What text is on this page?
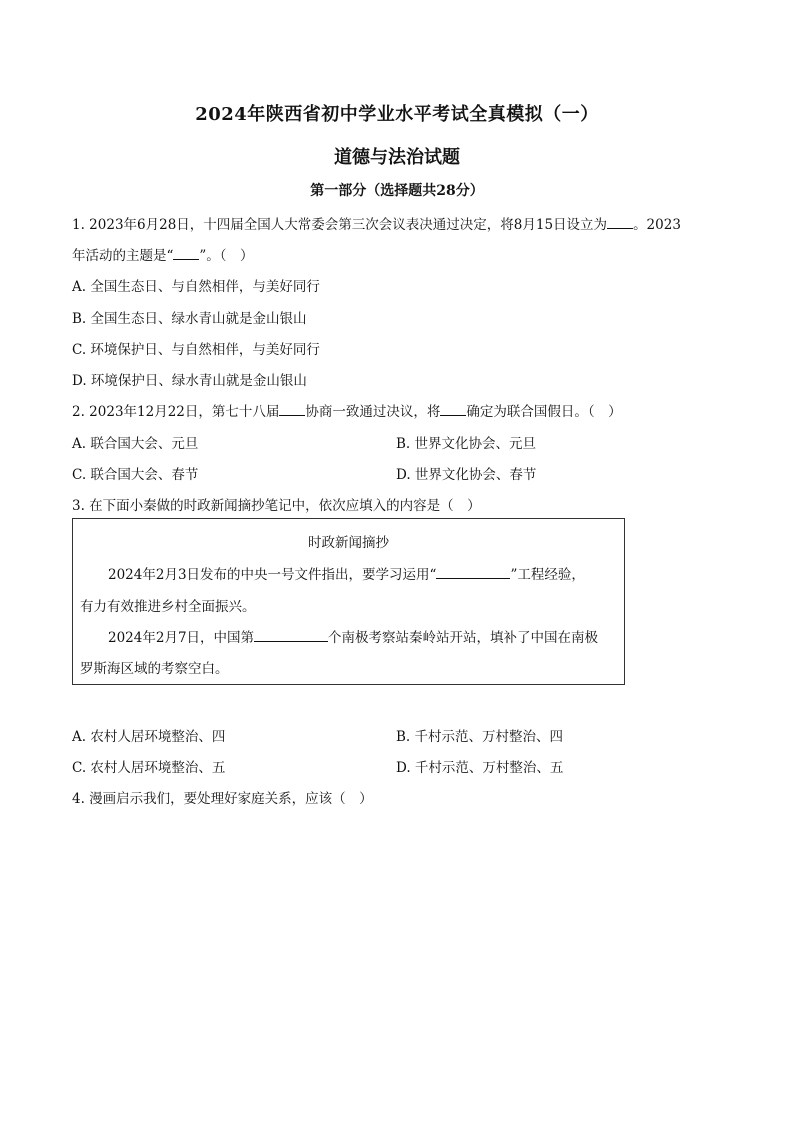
2024年陕西省初中学业水平考试全真模拟（一）
道德与法治试题
第一部分（选择题共28分）
1. 2023年6月28日，十四届全国人大常委会第三次会议表决通过决定，将8月15日设立为 。2023
年活动的主题是“ ”。（　）
A. 全国生态日、与自然相伴，与美好同行
B. 全国生态日、绿水青山就是金山银山
C. 环境保护日、与自然相伴，与美好同行
D. 环境保护日、绿水青山就是金山银山
2. 2023年12月22日，第七十八届 协商一致通过决议，将 确定为联合国假日。（　）
A. 联合国大会、元旦	B. 世界文化协会、元旦
C. 联合国大会、春节	D. 世界文化协会、春节
3. 在下面小秦做的时政新闻摘抄笔记中，依次应填入的内容是（　）
时政新闻摘抄
2024年2月3日发布的中央一号文件指出，要学习运用“	”工程经验，
有力有效推进乡村全面振兴。
2024年2月7日，中国第	个南极考察站秦岭站开站，填补了中国在南极
罗斯海区域的考察空白。
A. 农村人居环境整治、四	B. 千村示范、万村整治、四
C. 农村人居环境整治、五	D. 千村示范、万村整治、五
4. 漫画启示我们，要处理好家庭关系，应该（　）
